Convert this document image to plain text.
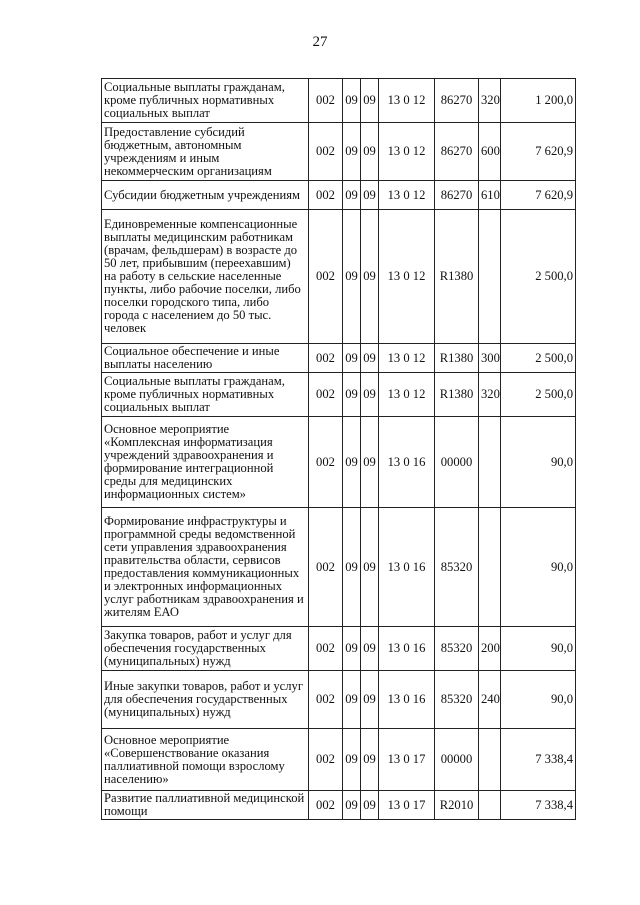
27
Социальные выплаты гражданам, кроме публичных нормативных социальных выплат	002	09	09	13 0 12	86270	320	1 200,0
Предоставление субсидий бюджетным, автономным учреждениям и иным некоммерческим организациям	002	09	09	13 0 12	86270	600	7 620,9
Субсидии бюджетным учреждениям	002	09	09	13 0 12	86270	610	7 620,9
Единовременные компенсационные выплаты медицинским работникам (врачам, фельдшерам) в возрасте до 50 лет, прибывшим (переехавшим) на работу в сельские населенные пункты, либо рабочие поселки, либо поселки городского типа, либо города с населением до 50 тыс. человек	002	09	09	13 0 12	R1380		2 500,0
Социальное обеспечение и иные выплаты населению	002	09	09	13 0 12	R1380	300	2 500,0
Социальные выплаты гражданам, кроме публичных нормативных социальных выплат	002	09	09	13 0 12	R1380	320	2 500,0
Основное мероприятие «Комплексная информатизация учреждений здравоохранения и формирование интеграционной среды для медицинских информационных систем»	002	09	09	13 0 16	00000		90,0
Формирование инфраструктуры и программной среды ведомственной сети управления здравоохранения правительства области, сервисов предоставления коммуникационных и электронных информационных услуг работникам здравоохранения и жителям ЕАО	002	09	09	13 0 16	85320		90,0
Закупка товаров, работ и услуг для обеспечения государственных (муниципальных) нужд	002	09	09	13 0 16	85320	200	90,0
Иные закупки товаров, работ и услуг для обеспечения государственных (муниципальных) нужд	002	09	09	13 0 16	85320	240	90,0
Основное мероприятие «Совершенствование оказания паллиативной помощи взрослому населению»	002	09	09	13 0 17	00000		7 338,4
Развитие паллиативной медицинской помощи	002	09	09	13 0 17	R2010		7 338,4
